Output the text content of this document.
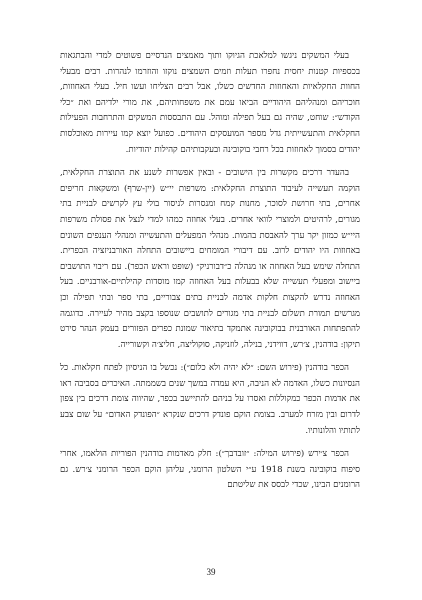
בעלי המשקים ניגשו למלאכת הגיוקו ותוך מאמצים הנדסיים פשוטים למדי והבתגאות בכספיות קטנות יחסית נחפרו תעלות וזמים השמצים נוקזו והוזרמו לנהרות. רבים מבעלי החוות החקלאיות והאחוזות החדשים כשלו, אבל רבים הצליחו ועשו חיל. בעלי האחוזות, חוכריהם ומנהליהם היהודיים הביאו עמם את משפחותיהם, את מורי ילדיהם ואת ״כלי הקודש״: שוחט, שהיה גם בעל תפילה ומוהל. עם התבססות המשקים והתרחבות הפעילות החקלאית והתעשייתית גדל מספר המועסקים היהודים. כפועל יוצא קמו עיירות מאוכלסות יהודים בסמוך לאחוזות בכל רחבי בוקובינה ובעקבותיהם קהילות יהודיות.

בהעדר דרכים מקשרות בין הישובים - ובאין אפשרות לשנע את התוצרת החקלאית, הוקמה תעשייה לעיבוד התוצרת החקלאית: משרפות יי״ש (יין-שרף) ומשקאות חריפים אחרים, בתי חרושת לסוכר, מחנות קמח ומנסרות לניסור בולי עץ לקרשים לבניית בתי מגורים, לרהיטים ולמוצרי לוואי אחרים. בעלי אחוזה כמהו למדי לנצל את פסולת משרפות היי״ש כמזון יקר ערך להאבסת בהמות. מנהלי המפעלים והתעשייה ומנהלי הענפים השונים באחוזות היו יהודים לרוב. עם דיבורי המומחים ביישובים התחלה האורבניזציה הכפרית. התחלה שימש בעל האחוזה או מנהלה כ״דבורניק״ (שופט וראש הכפר). עם ריבוי התושבים ביישוב ומפעלי תעשייה שלא בבעלות בעל האחוזה קמו מוסדות קהילתיים-אורבניים. בעל האחוזה נדרש להקצות חלקות אדמה לבניית בתים צבוריים, בתי ספר ובתי תפילה וכן מגרשים תמורת תשלום לבניית בתי מגורים לתושבים שנוספו בקצב מהיר לעיירה. כדוגמה להתפתחות האורבנית בבוקובינה אתמקד בתיאור שמונת כפרים הפזורים בעמק הנהר סירט תיקון: בודהנין, צ׳רש, דווידני, בנילה, לוזניקה, סוקוליצה, חליצ׳ה וקשורייה.

הכפר בודהנין (פירוש השם: ״לא יהיה ולא כלום״): נכשל בו הניסיון לפתח חקלאות. כל הנסיונות כשלו, האדמה לא הניבה, היא עמדה במשך שנים בשממתה. האיכרים בסביבה ראו את אדמות הכפר כמקוללות ואסרו על בניהם להתיישב בכפר, שהיווה צומת דרכים בין צפון לדרום ובין מזרח למערב. בצומת הוקם פונדק דרכים שנקרא ״הפונדק האדום״ על שום צבע לתותיו והלונותיו.

הכפר צ׳ירש (פירוש המילה: ״זובדבך״): חלק מאדמות בודהנין הפוריות הולאמו, אחרי סיפוח בוקובינה בשנת 1918 ע״י השלטון הרומני, עליהן הוקם הכפר הרומני צ׳רש. גם הרומנים הבינו, שכדי לבסס את שליטתם

39
